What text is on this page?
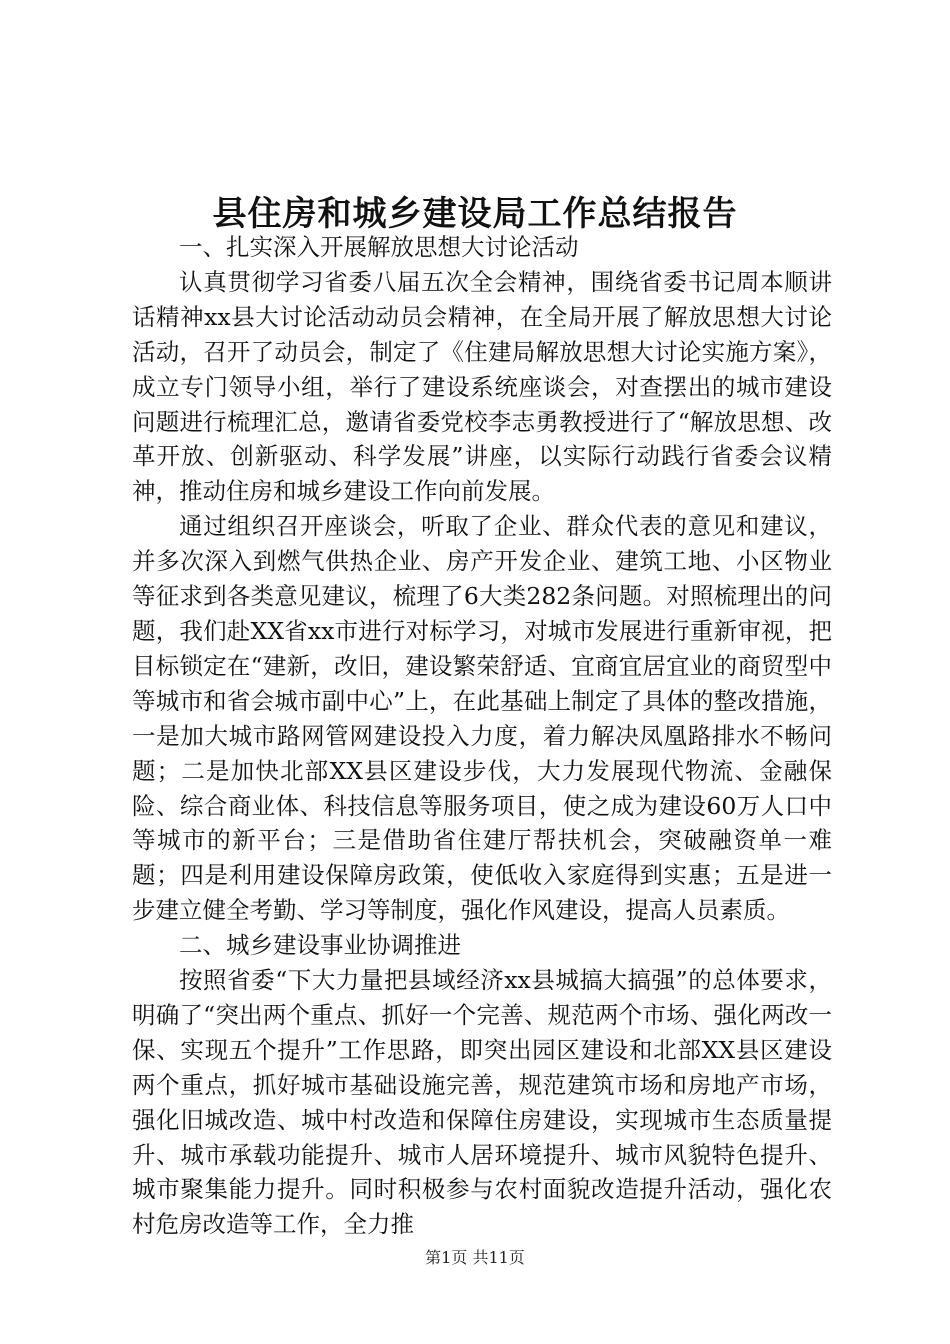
县住房和城乡建设局工作总结报告

一、扎实深入开展解放思想大讨论活动

认真贯彻学习省委八届五次全会精神，围绕省委书记周本顺讲话精神xx县大讨论活动动员会精神，在全局开展了解放思想大讨论活动，召开了动员会，制定了《住建局解放思想大讨论实施方案》，成立专门领导小组，举行了建设系统座谈会，对查摆出的城市建设问题进行梳理汇总，邀请省委党校李志勇教授进行了“解放思想、改革开放、创新驱动、科学发展”讲座，以实际行动践行省委会议精神，推动住房和城乡建设工作向前发展。

通过组织召开座谈会，听取了企业、群众代表的意见和建议，并多次深入到燃气供热企业、房产开发企业、建筑工地、小区物业等征求到各类意见建议，梳理了6大类282条问题。对照梳理出的问题，我们赴XX省xx市进行对标学习，对城市发展进行重新审视，把目标锁定在“建新，改旧，建设繁荣舒适、宜商宜居宜业的商贸型中等城市和省会城市副中心”上，在此基础上制定了具体的整改措施，一是加大城市路网管网建设投入力度，着力解决凤凰路排水不畅问题；二是加快北部XX县区建设步伐，大力发展现代物流、金融保险、综合商业体、科技信息等服务项目，使之成为建设60万人口中等城市的新平台；三是借助省住建厅帮扶机会，突破融资单一难题；四是利用建设保障房政策，使低收入家庭得到实惠；五是进一步建立健全考勤、学习等制度，强化作风建设，提高人员素质。

二、城乡建设事业协调推进

按照省委“下大力量把县域经济xx县城搞大搞强”的总体要求，明确了“突出两个重点、抓好一个完善、规范两个市场、强化两改一保、实现五个提升”工作思路，即突出园区建设和北部XX县区建设两个重点，抓好城市基础设施完善，规范建筑市场和房地产市场，强化旧城改造、城中村改造和保障住房建设，实现城市生态质量提升、城市承载功能提升、城市人居环境提升、城市风貌特色提升、城市聚集能力提升。同时积极参与农村面貌改造提升活动，强化农村危房改造等工作，全力推

第1页 共11页
